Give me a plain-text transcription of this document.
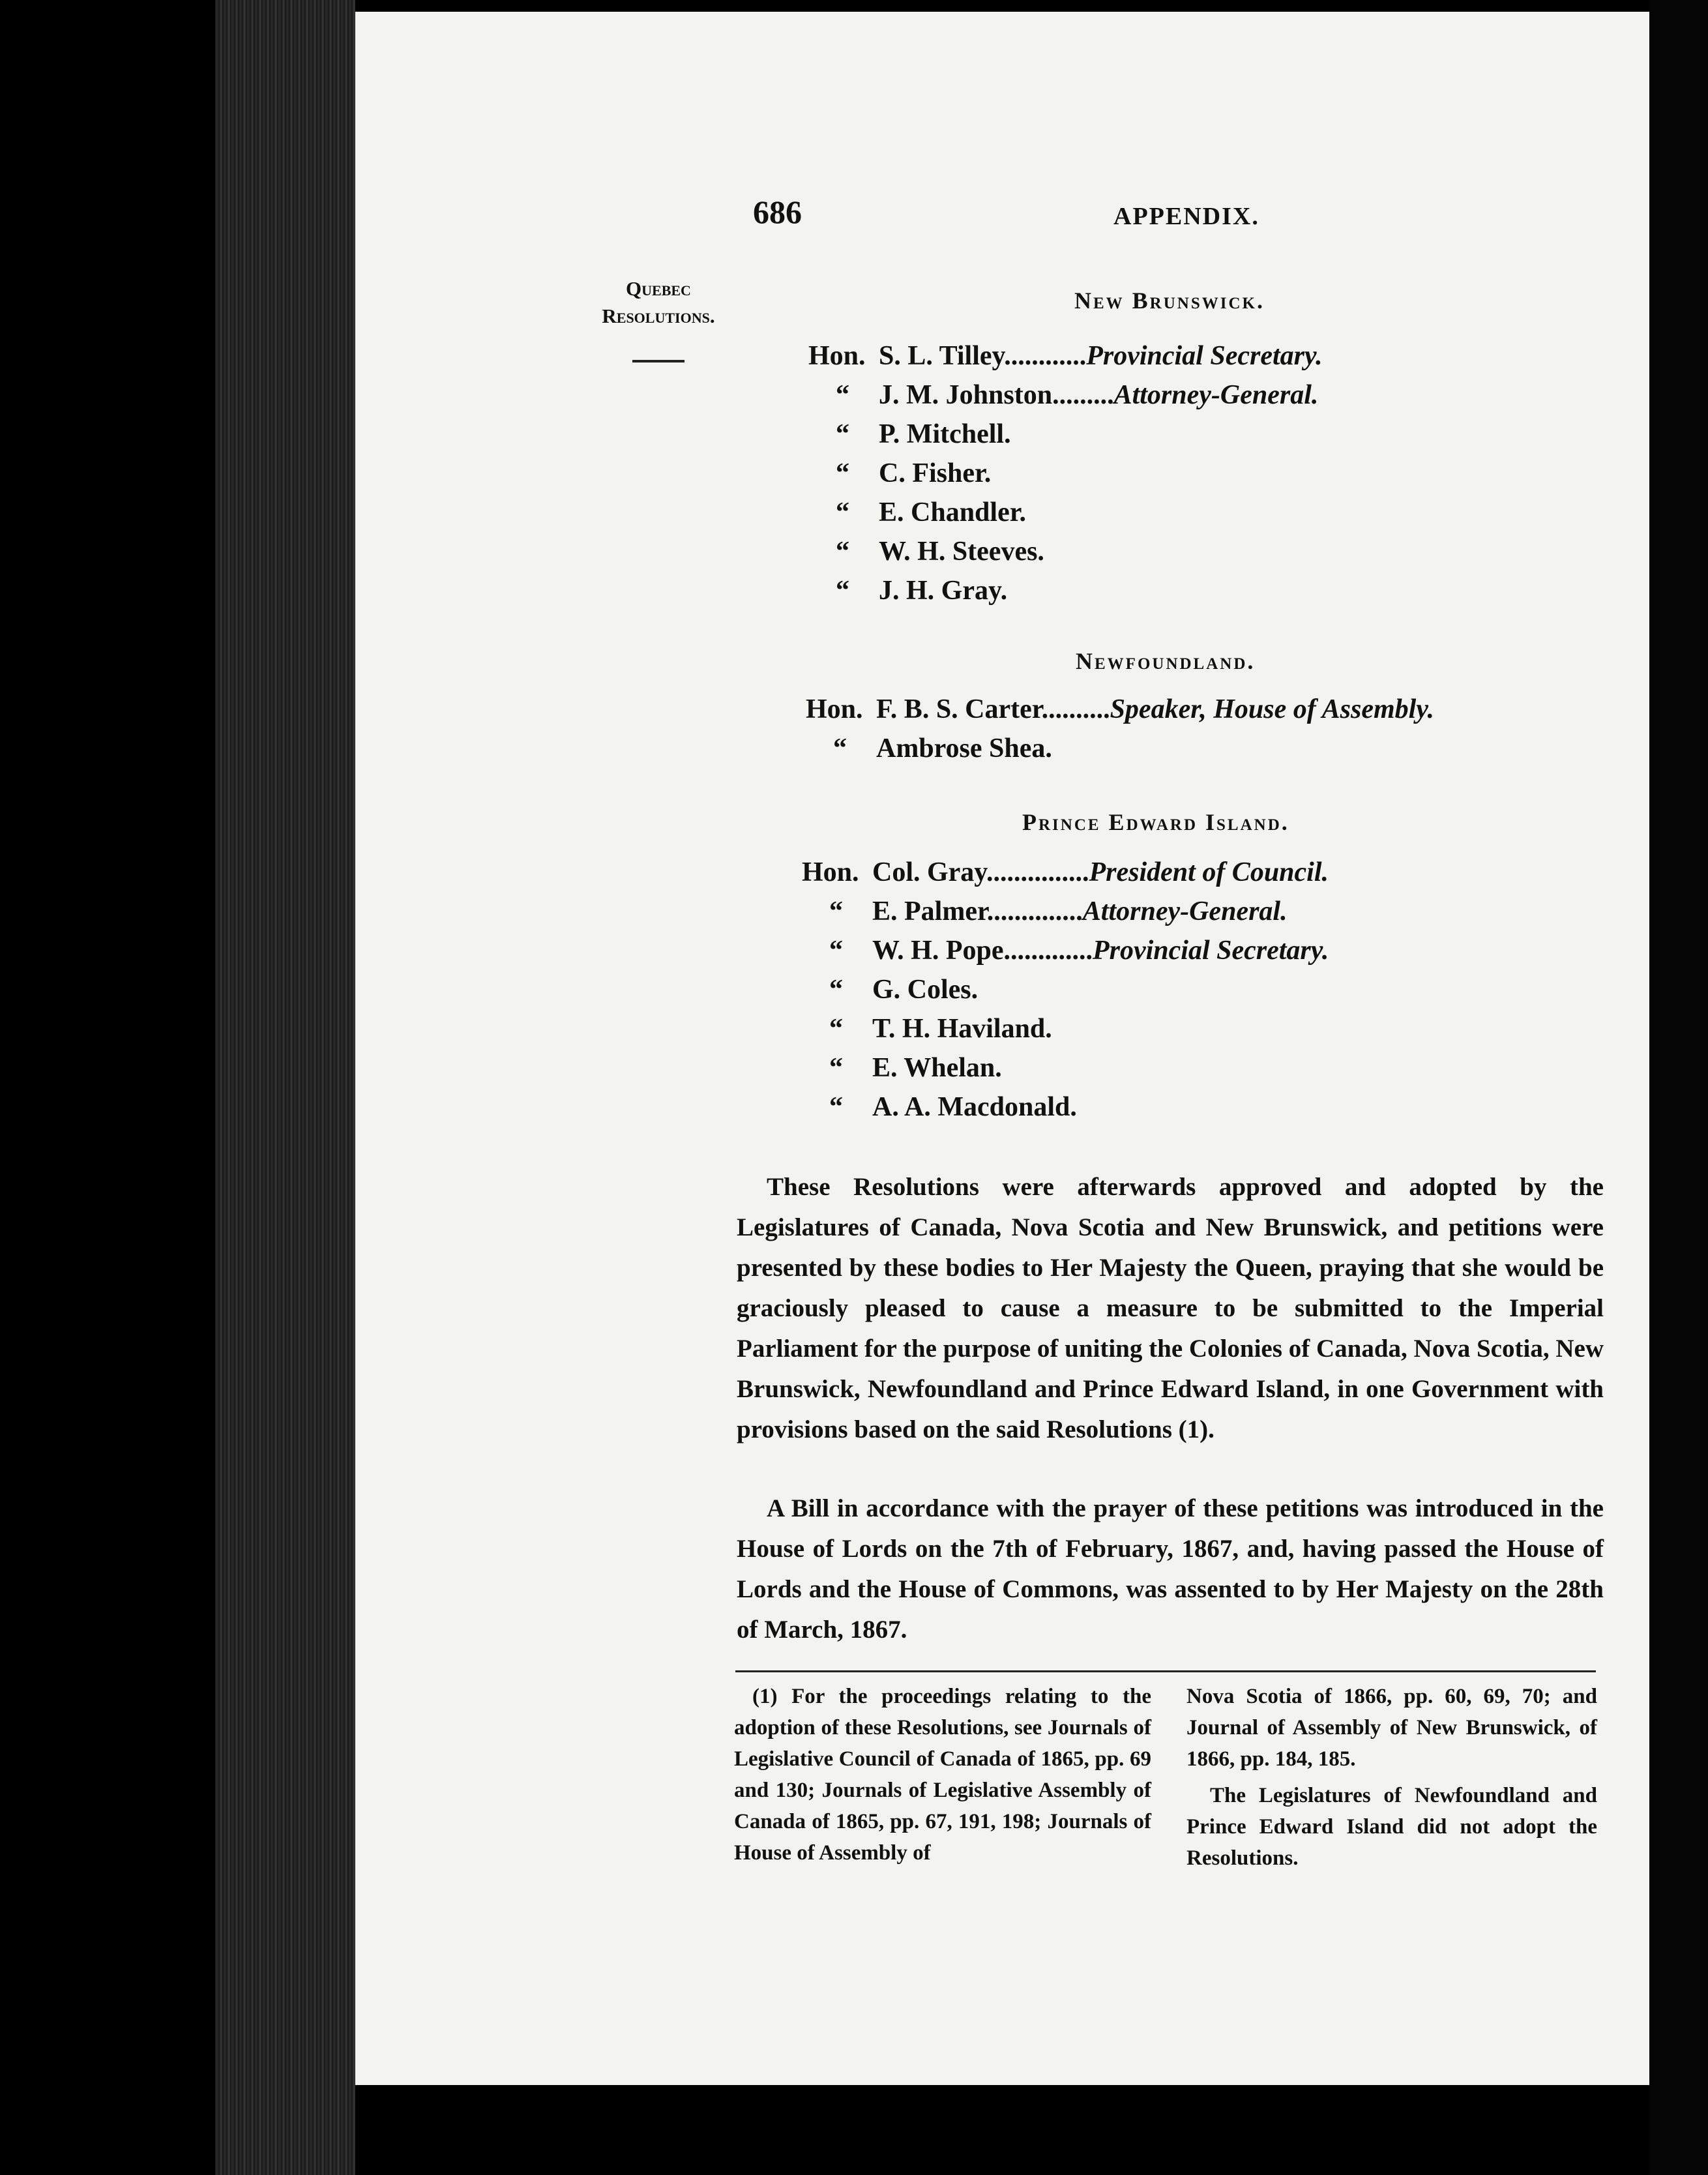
686	APPENDIX.
Quebec
Resolutions.
New Brunswick.
Hon. S. L. Tilley............Provincial Secretary.
“ J. M. Johnston.........Attorney-General.
“ P. Mitchell.
“ C. Fisher.
“ E. Chandler.
“ W. H. Steeves.
“ J. H. Gray.
Newfoundland.
Hon. F. B. S. Carter..........Speaker, House of Assembly.
“ Ambrose Shea.
Prince Edward Island.
Hon. Col. Gray...............President of Council.
“ E. Palmer..............Attorney-General.
“ W. H. Pope.............Provincial Secretary.
“ G. Coles.
“ T. H. Haviland.
“ E. Whelan.
“ A. A. Macdonald.
These Resolutions were afterwards approved and adopted by the Legislatures of Canada, Nova Scotia and New Brunswick, and petitions were presented by these bodies to Her Majesty the Queen, praying that she would be graciously pleased to cause a measure to be submitted to the Imperial Parliament for the purpose of uniting the Colonies of Canada, Nova Scotia, New Brunswick, Newfoundland and Prince Edward Island, in one Government with provisions based on the said Resolutions (1).
A Bill in accordance with the prayer of these petitions was introduced in the House of Lords on the 7th of February, 1867, and, having passed the House of Lords and the House of Commons, was assented to by Her Majesty on the 28th of March, 1867.
(1) For the proceedings relating to the adoption of these Resolutions, see Journals of Legislative Council of Canada of 1865, pp. 69 and 130; Journals of Legislative Assembly of Canada of 1865, pp. 67, 191, 198; Journals of House of Assembly of
Nova Scotia of 1866, pp. 60, 69, 70; and Journal of Assembly of New Brunswick, of 1866, pp. 184, 185.
The Legislatures of Newfoundland and Prince Edward Island did not adopt the Resolutions.
